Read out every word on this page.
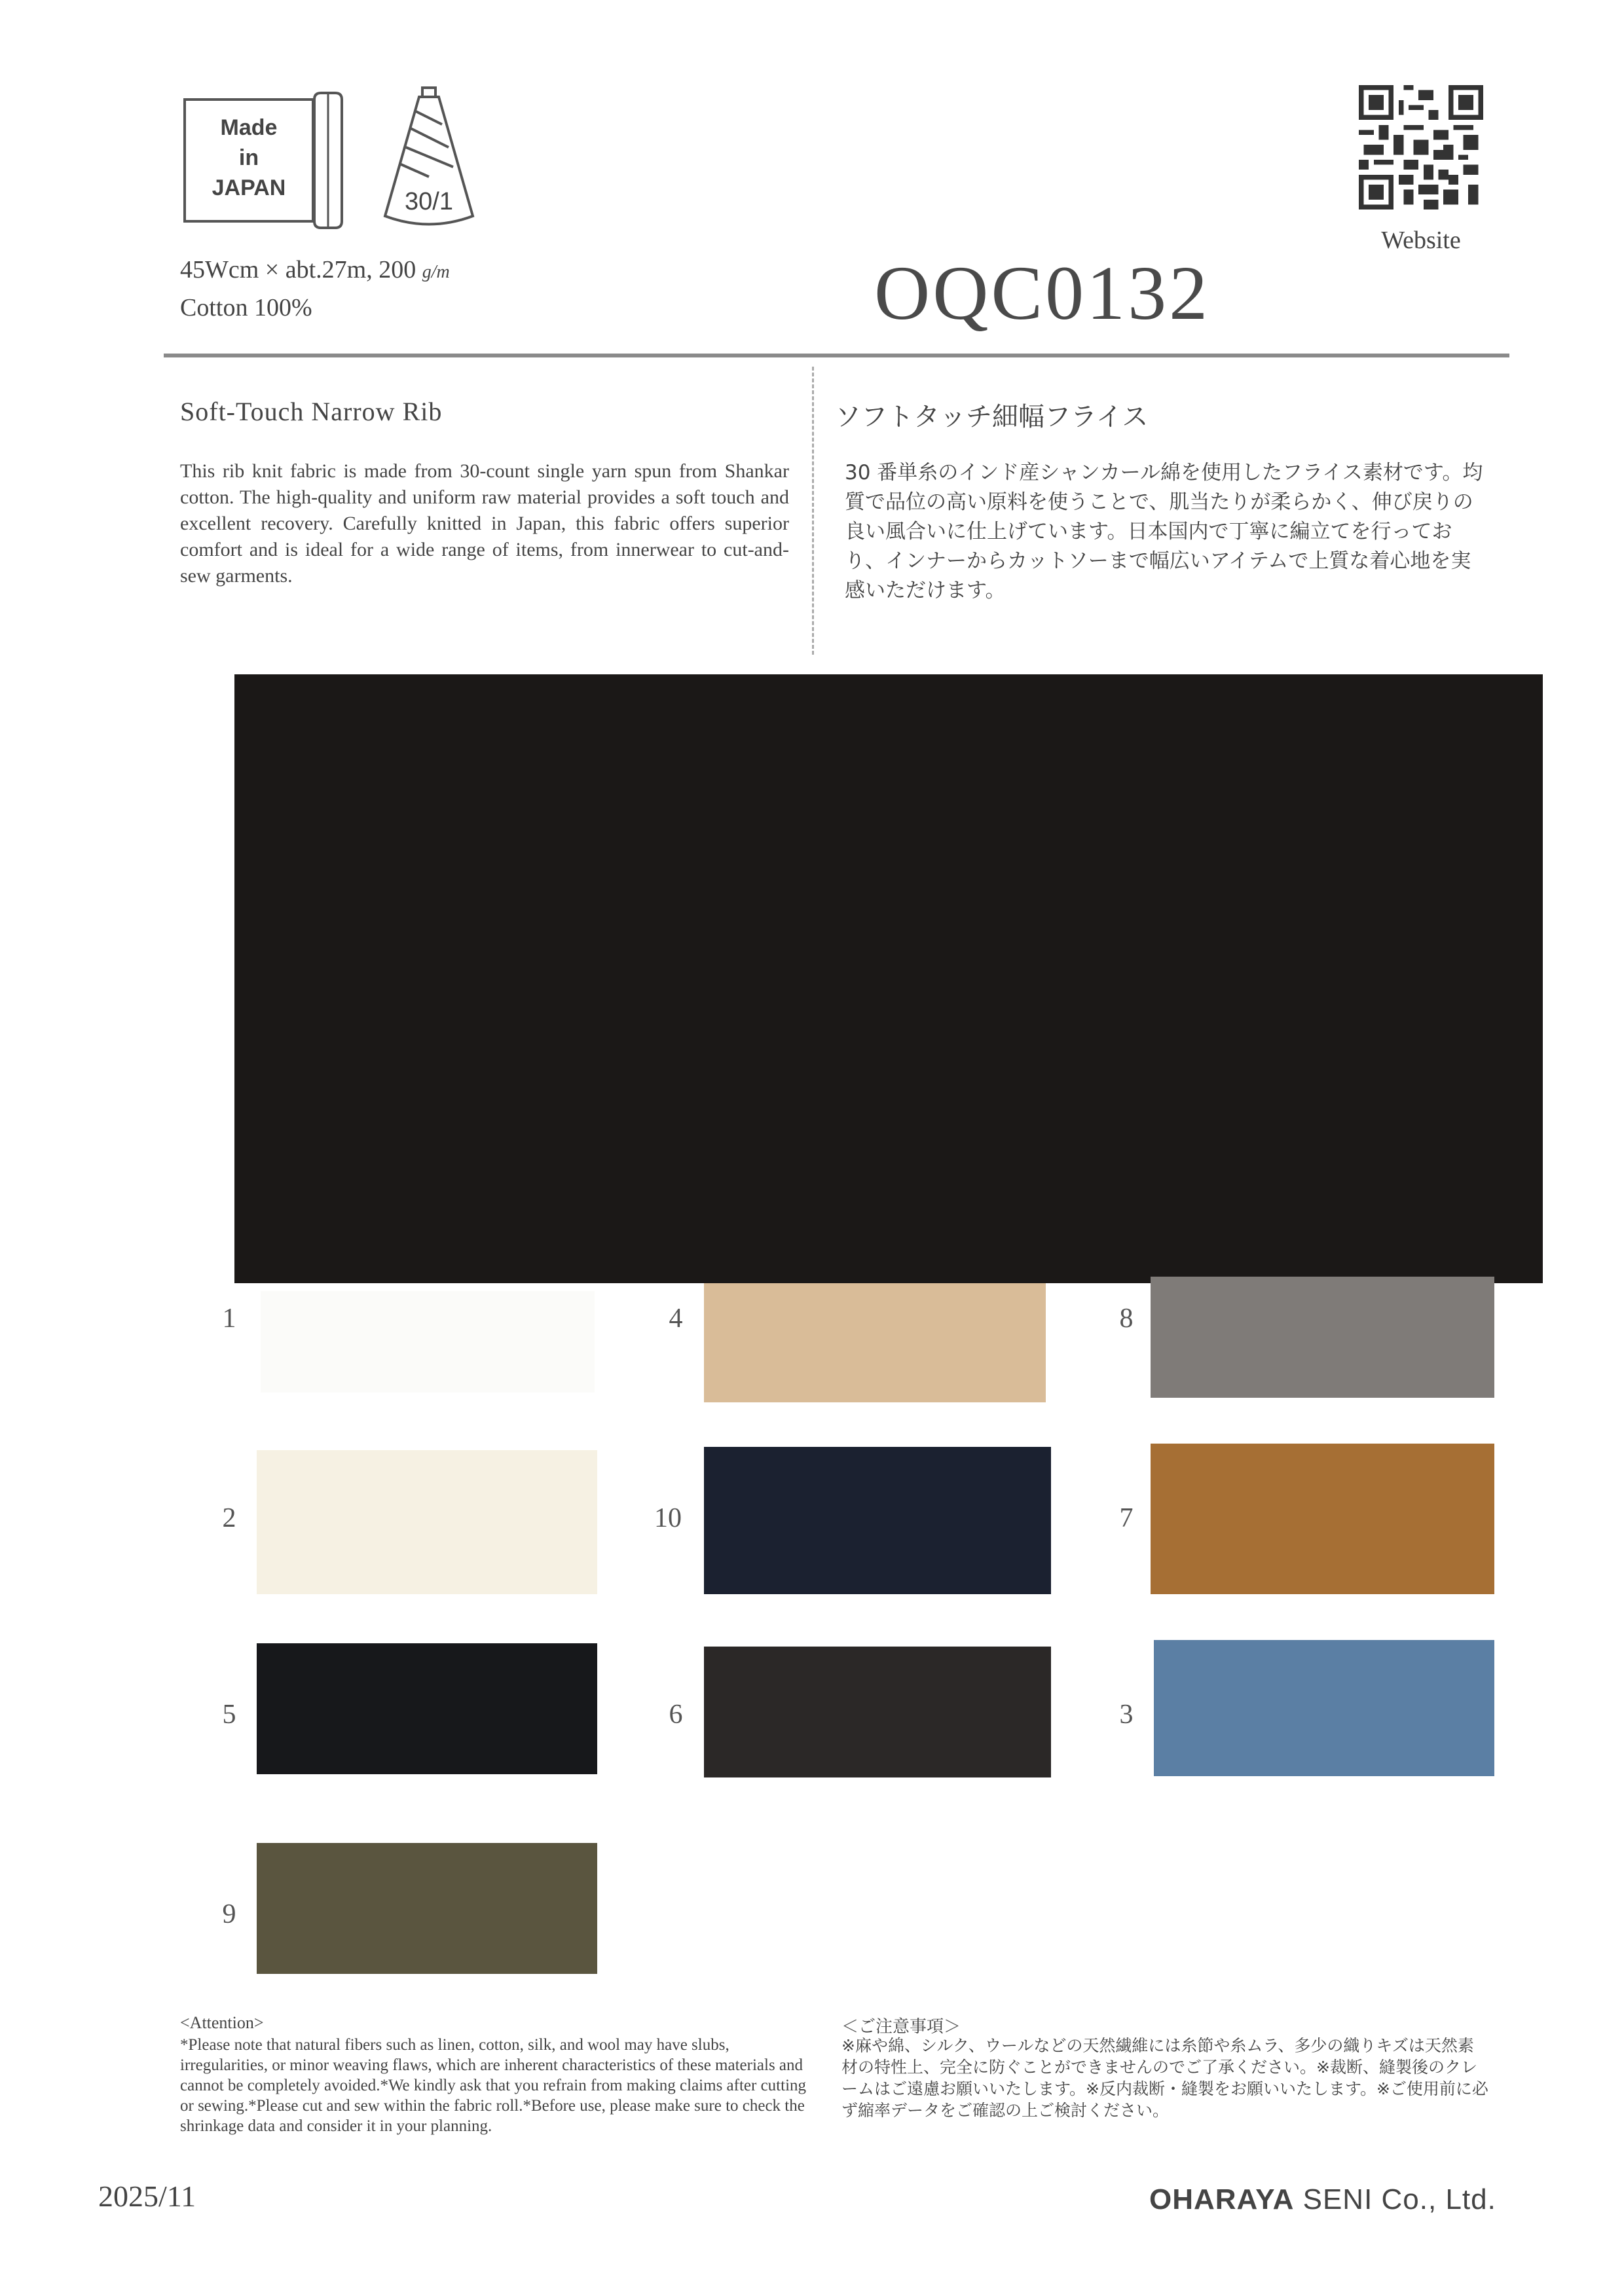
Made
in
JAPAN	30/1
45Wcm × abt.27m, 200 g/m
Cotton 100%	OQC0132
Website
Soft-Touch Narrow Rib	ソフトタッチ細幅フライス
This rib knit fabric is made from 30-count single yarn spun from Shankar cotton. The high-quality and uniform raw material provides a soft touch and excellent recovery. Carefully knitted in Japan, this fabric offers superior comfort and is ideal for a wide range of items, from innerwear to cut-and-sew garments.
30 番単糸のインド産シャンカール綿を使用したフライス素材です。均質で品位の高い原料を使うことで、肌当たりが柔らかく、伸び戻りの良い風合いに仕上げています。日本国内で丁寧に編立てを行っており、インナーからカットソーまで幅広いアイテムで上質な着心地を実感いただけます。
1	4	8
2	10	7
5	6	3
9
<Attention>
*Please note that natural fibers such as linen, cotton, silk, and wool may have slubs, irregularities, or minor weaving flaws, which are inherent characteristics of these materials and cannot be completely avoided.*We kindly ask that you refrain from making claims after cutting or sewing.*Please cut and sew within the fabric roll.*Before use, please make sure to check the shrinkage data and consider it in your planning.
＜ご注意事項＞
※麻や綿、シルク、ウールなどの天然繊維には糸節や糸ムラ、多少の織りキズは天然素材の特性上、完全に防ぐことができませんのでご了承ください。※裁断、縫製後のクレームはご遠慮お願いいたします。※反内裁断・縫製をお願いいたします。※ご使用前に必ず縮率データをご確認の上ご検討ください。
2025/11	OHARAYA SENI Co., Ltd.
